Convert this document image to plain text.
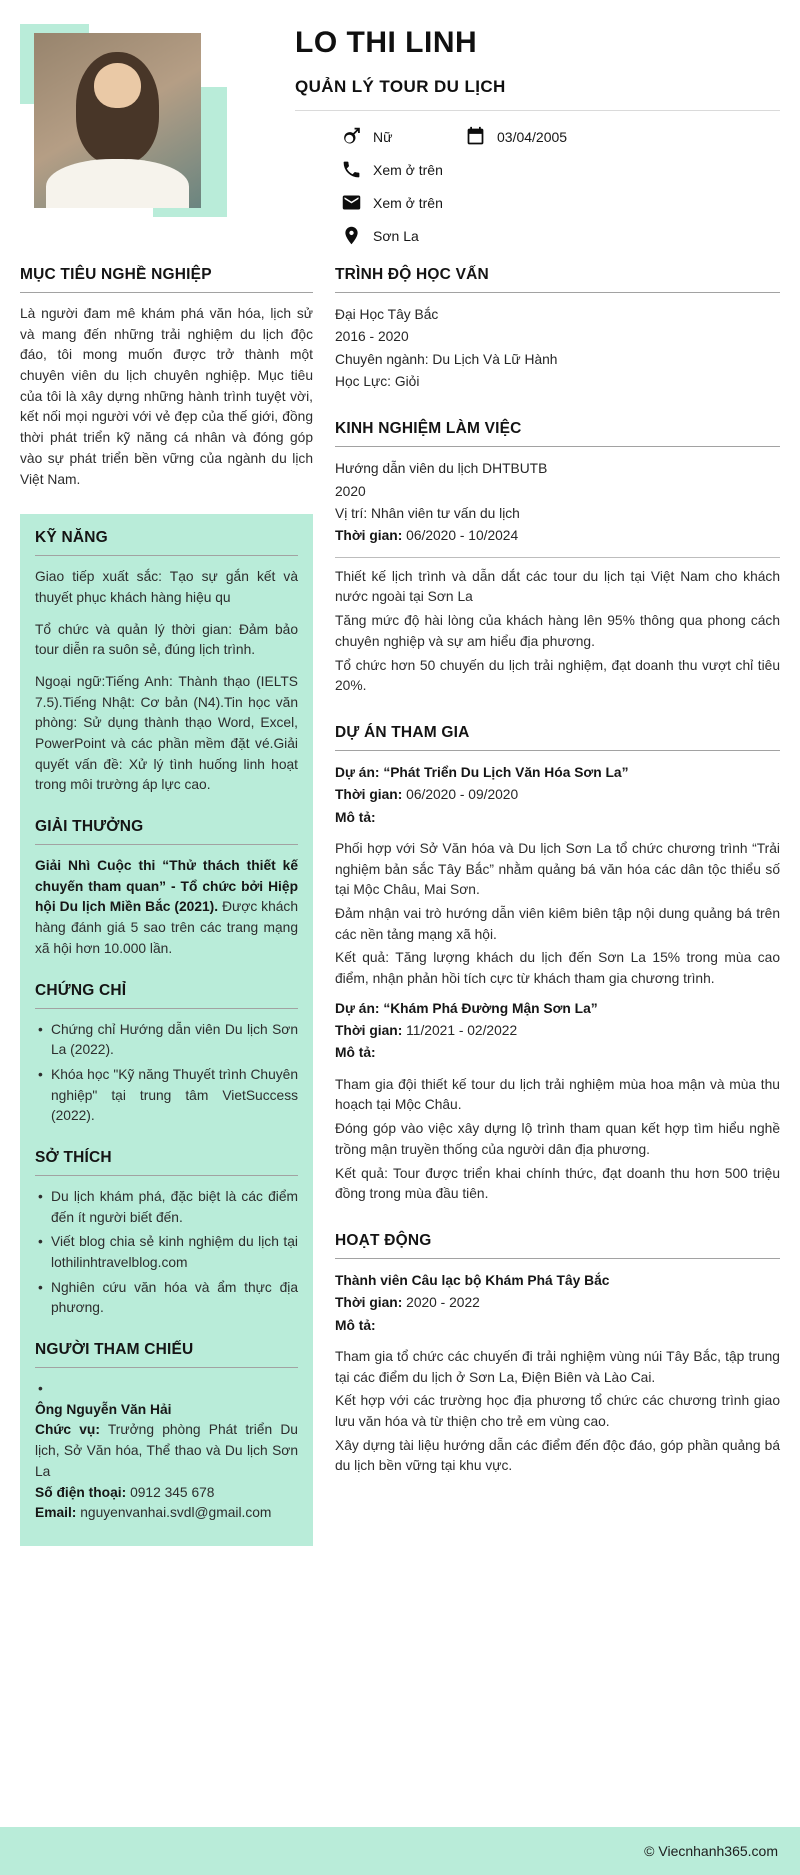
LO THI LINH
QUẢN LÝ TOUR DU LỊCH
Nữ	03/04/2005
Xem ở trên
Xem ở trên
Sơn La
MỤC TIÊU NGHỀ NGHIỆP

Là người đam mê khám phá văn hóa, lịch sử và mang đến những trải nghiệm du lịch độc đáo, tôi mong muốn được trở thành một chuyên viên du lịch chuyên nghiệp. Mục tiêu của tôi là xây dựng những hành trình tuyệt vời, kết nối mọi người với vẻ đẹp của thế giới, đồng thời phát triển kỹ năng cá nhân và đóng góp vào sự phát triển bền vững của ngành du lịch Việt Nam.

KỸ NĂNG

Giao tiếp xuất sắc: Tạo sự gắn kết và thuyết phục khách hàng hiệu qu

Tổ chức và quản lý thời gian: Đảm bảo tour diễn ra suôn sẻ, đúng lịch trình.

Ngoại ngữ:Tiếng Anh: Thành thạo (IELTS 7.5).Tiếng Nhật: Cơ bản (N4).Tin học văn phòng: Sử dụng thành thạo Word, Excel, PowerPoint và các phần mềm đặt vé.Giải quyết vấn đề: Xử lý tình huống linh hoạt trong môi trường áp lực cao.

GIẢI THƯỞNG

Giải Nhì Cuộc thi “Thử thách thiết kế chuyến tham quan” - Tổ chức bởi Hiệp hội Du lịch Miền Bắc (2021). Được khách hàng đánh giá 5 sao trên các trang mạng xã hội hơn 10.000 lần.

CHỨNG CHỈ
• Chứng chỉ Hướng dẫn viên Du lịch Sơn La (2022).
• Khóa học "Kỹ năng Thuyết trình Chuyên nghiệp" tại trung tâm VietSuccess (2022).
SỞ THÍCH
• Du lịch khám phá, đặc biệt là các điểm đến ít người biết đến.
• Viết blog chia sẻ kinh nghiệm du lịch tại lothilinhtravelblog.com
• Nghiên cứu văn hóa và ẩm thực địa phương.
NGƯỜI THAM CHIẾU
•
Ông Nguyễn Văn Hải
Chức vụ: Trưởng phòng Phát triển Du lịch, Sở Văn hóa, Thể thao và Du lịch Sơn La
Số điện thoại: 0912 345 678
Email: nguyenvanhai.svdl@gmail.com
TRÌNH ĐỘ HỌC VẤN
Đại Học Tây Bắc
2016 - 2020
Chuyên ngành: Du Lịch Và Lữ Hành
Học Lực: Giỏi
KINH NGHIỆM LÀM VIỆC
Hướng dẫn viên du lịch DHTBUTB
2020
Vị trí: Nhân viên tư vấn du lịch
Thời gian: 06/2020 - 10/2024

Thiết kế lịch trình và dẫn dắt các tour du lịch tại Việt Nam cho khách nước ngoài tại Sơn La

Tăng mức độ hài lòng của khách hàng lên 95% thông qua phong cách chuyên nghiệp và sự am hiểu địa phương.

Tổ chức hơn 50 chuyến du lịch trải nghiệm, đạt doanh thu vượt chỉ tiêu 20%.

DỰ ÁN THAM GIA
Dự án: “Phát Triển Du Lịch Văn Hóa Sơn La”
Thời gian: 06/2020 - 09/2020
Mô tả:

Phối hợp với Sở Văn hóa và Du lịch Sơn La tổ chức chương trình “Trải nghiệm bản sắc Tây Bắc” nhằm quảng bá văn hóa các dân tộc thiểu số tại Mộc Châu, Mai Sơn.

Đảm nhận vai trò hướng dẫn viên kiêm biên tập nội dung quảng bá trên các nền tảng mạng xã hội.

Kết quả: Tăng lượng khách du lịch đến Sơn La 15% trong mùa cao điểm, nhận phản hồi tích cực từ khách tham gia chương trình.

Dự án: “Khám Phá Đường Mận Sơn La”
Thời gian: 11/2021 - 02/2022
Mô tả:

Tham gia đội thiết kế tour du lịch trải nghiệm mùa hoa mận và mùa thu hoạch tại Mộc Châu.

Đóng góp vào việc xây dựng lộ trình tham quan kết hợp tìm hiểu nghề trồng mận truyền thống của người dân địa phương.

Kết quả: Tour được triển khai chính thức, đạt doanh thu hơn 500 triệu đồng trong mùa đầu tiên.

HOẠT ĐỘNG
Thành viên Câu lạc bộ Khám Phá Tây Bắc
Thời gian: 2020 - 2022
Mô tả:

Tham gia tổ chức các chuyến đi trải nghiệm vùng núi Tây Bắc, tập trung tại các điểm du lịch ở Sơn La, Điện Biên và Lào Cai.

Kết hợp với các trường học địa phương tổ chức các chương trình giao lưu văn hóa và từ thiện cho trẻ em vùng cao.

Xây dựng tài liệu hướng dẫn các điểm đến độc đáo, góp phần quảng bá du lịch bền vững tại khu vực.

© Viecnhanh365.com
